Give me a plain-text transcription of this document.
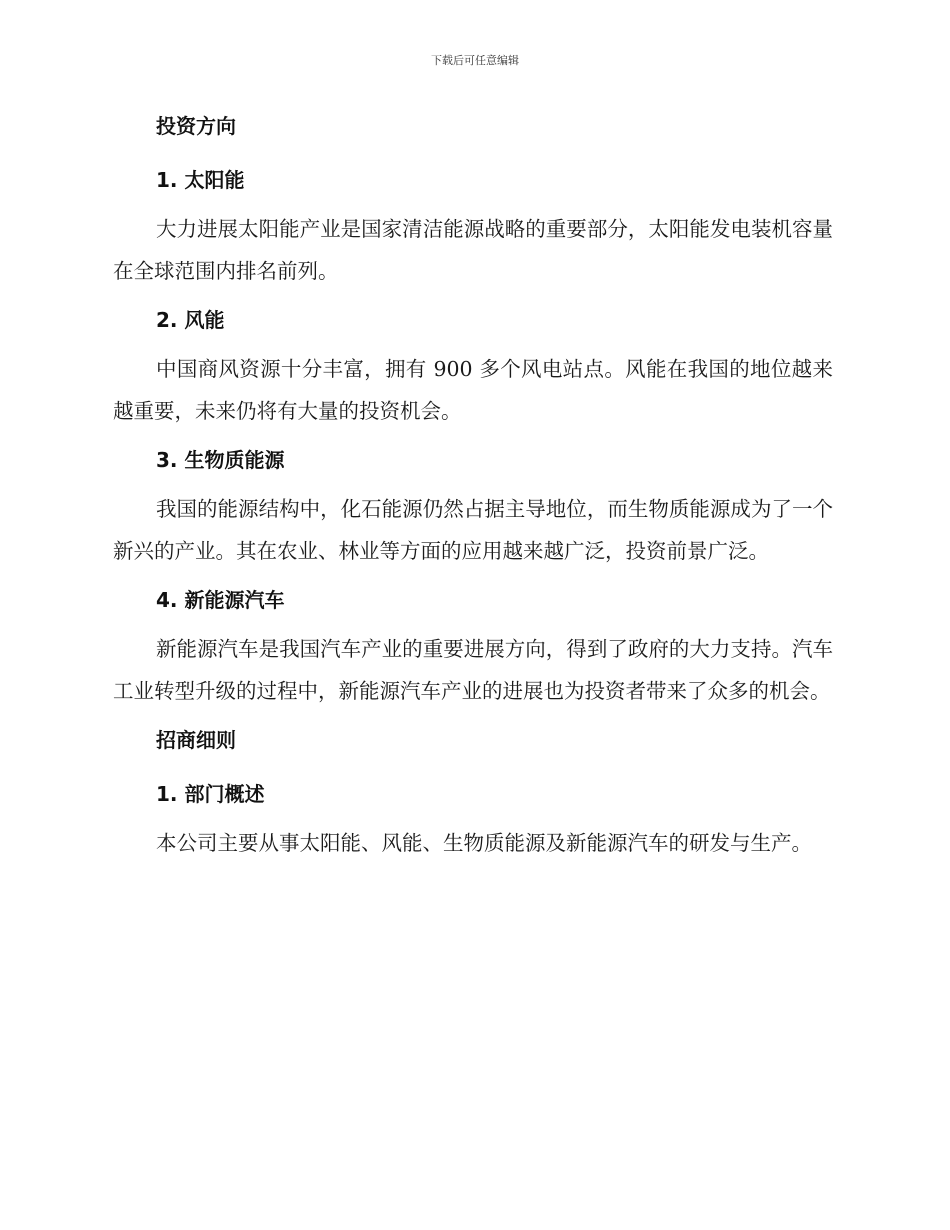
下载后可任意编辑
投资方向
1. 太阳能

大力进展太阳能产业是国家清洁能源战略的重要部分，太阳能发电装机容量在全球范围内排名前列。

2. 风能

中国商风资源十分丰富，拥有 900 多个风电站点。风能在我国的地位越来越重要，未来仍将有大量的投资机会。

3. 生物质能源

我国的能源结构中，化石能源仍然占据主导地位，而生物质能源成为了一个新兴的产业。其在农业、林业等方面的应用越来越广泛，投资前景广泛。

4. 新能源汽车

新能源汽车是我国汽车产业的重要进展方向，得到了政府的大力支持。汽车工业转型升级的过程中，新能源汽车产业的进展也为投资者带来了众多的机会。

招商细则
1. 部门概述

本公司主要从事太阳能、风能、生物质能源及新能源汽车的研发与生产。
